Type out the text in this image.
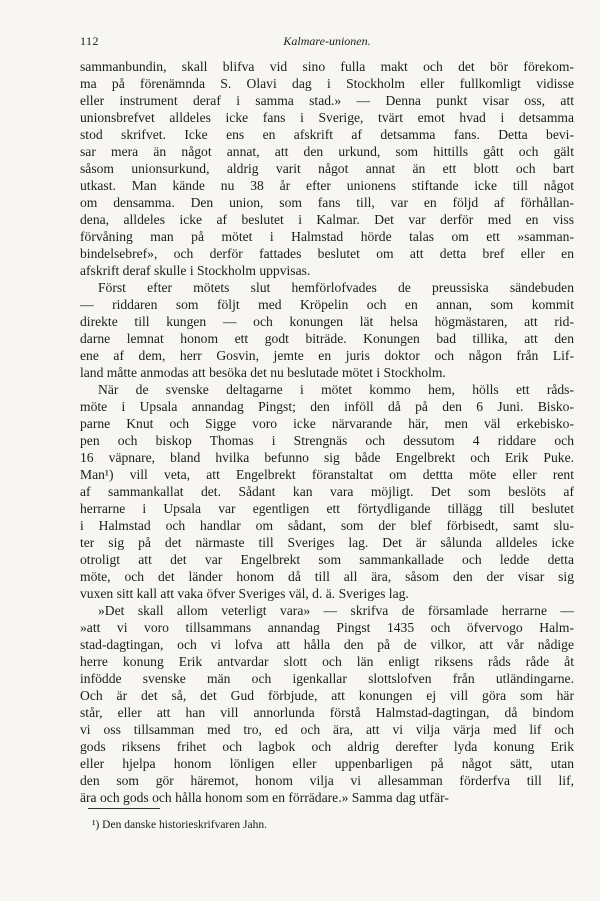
112	Kalmare-unionen.
sammanbundin, skall blifva vid sino fulla makt och det bör förekom-
ma på förenämnda S. Olavi dag i Stockholm eller fullkomligt vidisse
eller instrument deraf i samma stad.» — Denna punkt visar oss, att
unionsbrefvet alldeles icke fans i Sverige, tvärt emot hvad i detsamma
stod skrifvet. Icke ens en afskrift af detsamma fans. Detta bevi-
sar mera än något annat, att den urkund, som hittills gått och gält
såsom unionsurkund, aldrig varit något annat än ett blott och bart
utkast. Man kände nu 38 år efter unionens stiftande icke till något
om densamma. Den union, som fans till, var en följd af förhållan-
dena, alldeles icke af beslutet i Kalmar. Det var derför med en viss
förvåning man på mötet i Halmstad hörde talas om ett »samman-
bindelsebref», och derför fattades beslutet om att detta bref eller en
afskrift deraf skulle i Stockholm uppvisas.
Först efter mötets slut hemförlofvades de preussiska sändebuden
— riddaren som följt med Kröpelin och en annan, som kommit
direkte till kungen — och konungen lät helsa högmästaren, att rid-
darne lemnat honom ett godt biträde. Konungen bad tillika, att den
ene af dem, herr Gosvin, jemte en juris doktor och någon från Lif-
land måtte anmodas att besöka det nu beslutade mötet i Stockholm.
När de svenske deltagarne i mötet kommo hem, hölls ett råds-
möte i Upsala annandag Pingst; den inföll då på den 6 Juni. Bisko-
parne Knut och Sigge voro icke närvarande här, men väl erkebisko-
pen och biskop Thomas i Strengnäs och dessutom 4 riddare och
16 väpnare, bland hvilka befunno sig både Engelbrekt och Erik Puke.
Man¹) vill veta, att Engelbrekt föranstaltat om dettta möte eller rent
af sammankallat det. Sådant kan vara möjligt. Det som beslöts af
herrarne i Upsala var egentligen ett förtydligande tillägg till beslutet
i Halmstad och handlar om sådant, som der blef förbisedt, samt slu-
ter sig på det närmaste till Sveriges lag. Det är sålunda alldeles icke
otroligt att det var Engelbrekt som sammankallade och ledde detta
möte, och det länder honom då till all ära, såsom den der visar sig
vuxen sitt kall att vaka öfver Sveriges väl, d. ä. Sveriges lag.
»Det skall allom veterligt vara» — skrifva de församlade herrarne —
»att vi voro tillsammans annandag Pingst 1435 och öfvervogo Halm-
stad-dagtingan, och vi lofva att hålla den på de vilkor, att vår nådige
herre konung Erik antvardar slott och län enligt riksens råds råde åt
infödde svenske män och igenkallar slottslofven från utländingarne.
Och är det så, det Gud förbjude, att konungen ej vill göra som här
står, eller att han vill annorlunda förstå Halmstad-dagtingan, då bindom
vi oss tillsamman med tro, ed och ära, att vi vilja värja med lif och
gods riksens frihet och lagbok och aldrig derefter lyda konung Erik
eller hjelpa honom lönligen eller uppenbarligen på något sätt, utan
den som gör häremot, honom vilja vi allesamman förderfva till lif,
ära och gods och hålla honom som en förrädare.» Samma dag utfär-
¹) Den danske historieskrifvaren Jahn.
